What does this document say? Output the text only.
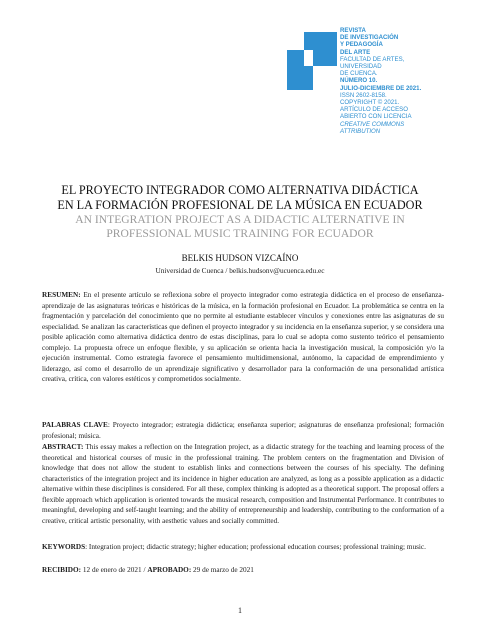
REVISTA
DE INVESTIGACIÓN
Y PEDAGOGÍA
DEL ARTE
FACULTAD DE ARTES,
UNIVERSIDAD
DE CUENCA.
NÚMERO 10.
JULIO-DICIEMBRE DE 2021.
ISSN 2602-8158.
COPYRIGHT © 2021.
ARTÍCULO DE ACCESO
ABIERTO CON LICENCIA
CREATIVE COMMONS
ATTRIBUTION
EL PROYECTO INTEGRADOR COMO ALTERNATIVA DIDÁCTICA
EN LA FORMACIÓN PROFESIONAL DE LA MÚSICA EN ECUADOR
AN INTEGRATION PROJECT AS A DIDACTIC ALTERNATIVE IN
PROFESSIONAL MUSIC TRAINING FOR ECUADOR
BELKIS HUDSON VIZCAÍNO
Universidad de Cuenca / belkis.hudsonv@ucuenca.edu.ec
RESUMEN: En el presente artículo se reflexiona sobre el proyecto integrador como estrategia didáctica en el proceso de enseñanza-aprendizaje de las asignaturas teóricas e históricas de la música, en la formación profesional en Ecuador. La problemática se centra en la fragmentación y parcelación del conocimiento que no permite al estudiante establecer vínculos y conexiones entre las asignaturas de su especialidad. Se analizan las características que definen el proyecto integrador y su incidencia en la enseñanza superior, y se considera una posible aplicación como alternativa didáctica dentro de estas disciplinas, para lo cual se adopta como sustento teórico el pensamiento complejo. La propuesta ofrece un enfoque flexible, y su aplicación se orienta hacia la investigación musical, la composición y/o la ejecución instrumental. Como estrategia favorece el pensamiento multidimensional, autónomo, la capacidad de emprendimiento y liderazgo, así como el desarrollo de un aprendizaje significativo y desarrollador para la conformación de una personalidad artística creativa, crítica, con valores estéticos y comprometidos socialmente.
PALABRAS CLAVE: Proyecto integrador; estrategia didáctica; enseñanza superior; asignaturas de enseñanza profesional; formación profesional; música.
ABSTRACT: This essay makes a reflection on the Integration project, as a didactic strategy for the teaching and learning process of the theoretical and historical courses of music in the professional training. The problem centers on the fragmentation and Division of knowledge that does not allow the student to establish links and connections between the courses of his specialty. The defining characteristics of the integration project and its incidence in higher education are analyzed, as long as a possible application as a didactic alternative within these disciplines is considered. For all these, complex thinking is adopted as a theoretical support. The proposal offers a flexible approach which application is oriented towards the musical research, composition and Instrumental Performance. It contributes to meaningful, developing and self-taught learning; and the ability of entrepreneurship and leadership, contributing to the conformation of a creative, critical artistic personality, with aesthetic values and socially committed.
KEYWORDS: Integration project; didactic strategy; higher education; professional education courses; professional training; music.
RECIBIDO: 12 de enero de 2021 / APROBADO: 29 de marzo de 2021
1
